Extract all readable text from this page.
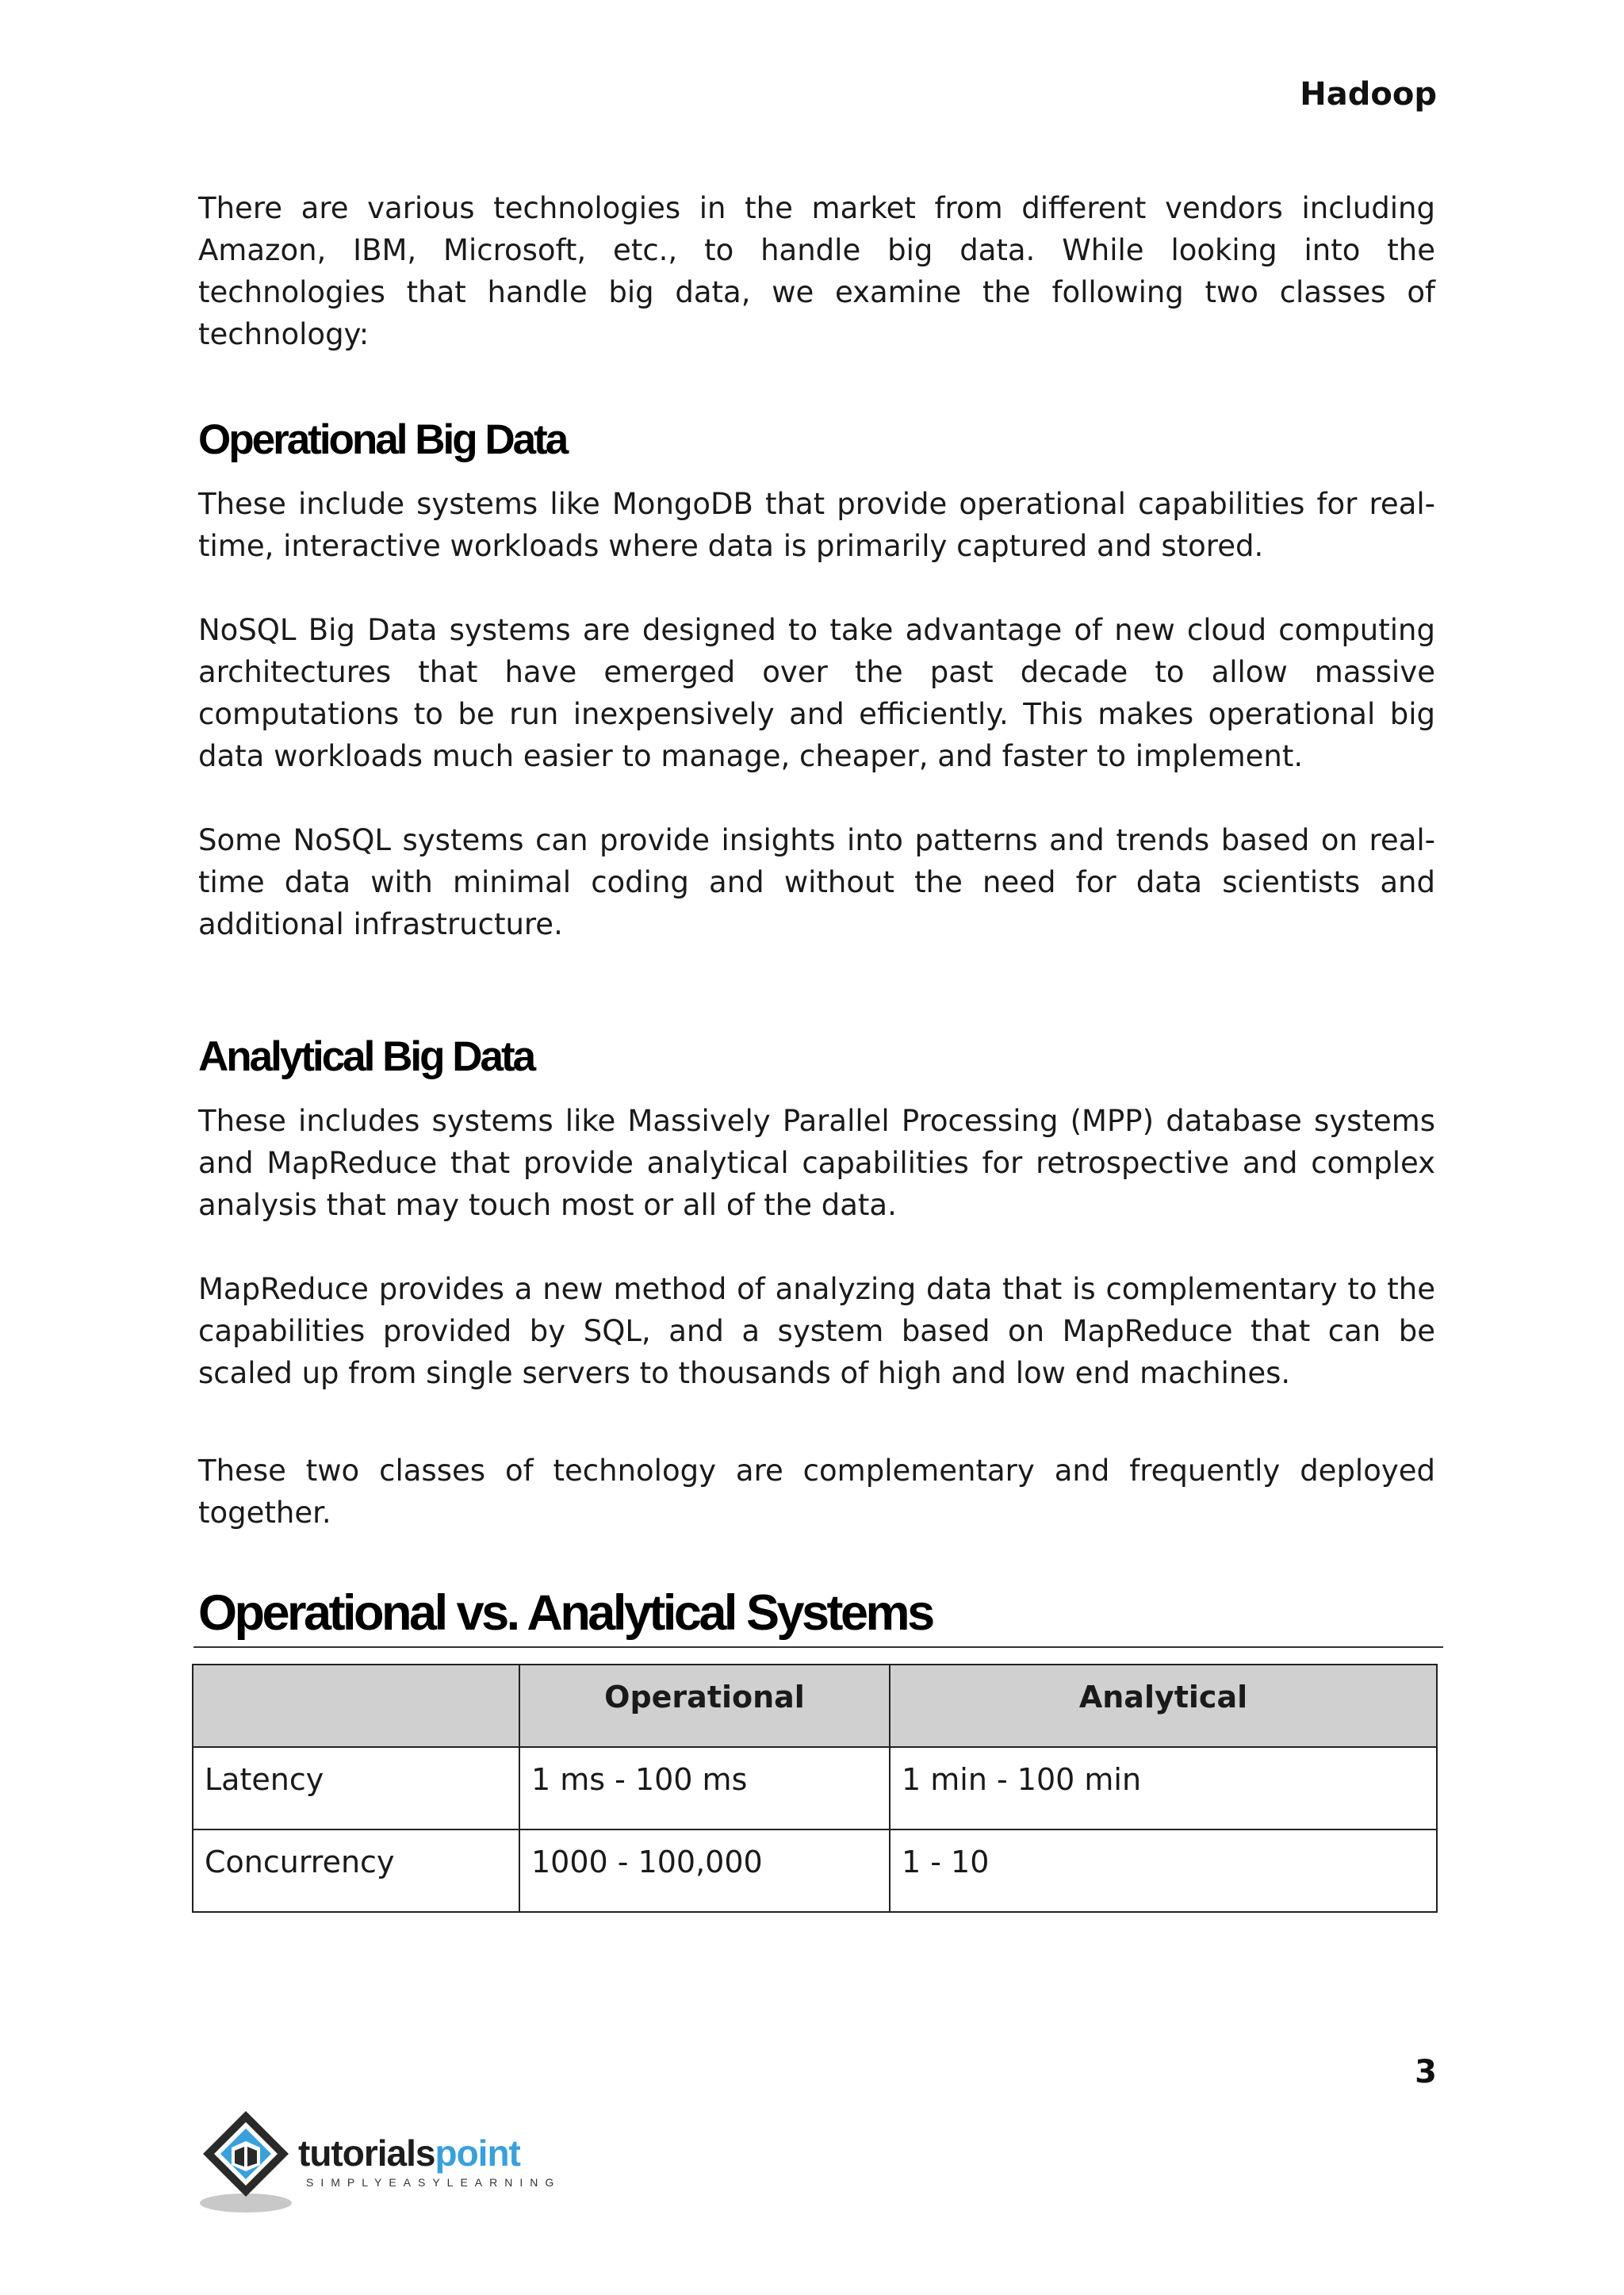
Hadoop

There are various technologies in the market from different vendors including Amazon, IBM, Microsoft, etc., to handle big data. While looking into the technologies that handle big data, we examine the following two classes of technology:

Operational Big Data

These include systems like MongoDB that provide operational capabilities for real-time, interactive workloads where data is primarily captured and stored.

NoSQL Big Data systems are designed to take advantage of new cloud computing architectures that have emerged over the past decade to allow massive computations to be run inexpensively and efficiently. This makes operational big data workloads much easier to manage, cheaper, and faster to implement.

Some NoSQL systems can provide insights into patterns and trends based on real-time data with minimal coding and without the need for data scientists and additional infrastructure.

Analytical Big Data

These includes systems like Massively Parallel Processing (MPP) database systems and MapReduce that provide analytical capabilities for retrospective and complex analysis that may touch most or all of the data.

MapReduce provides a new method of analyzing data that is complementary to the capabilities provided by SQL, and a system based on MapReduce that can be scaled up from single servers to thousands of high and low end machines.

These two classes of technology are complementary and frequently deployed together.

Operational vs. Analytical Systems
	Operational	Analytical
Latency	1 ms - 100 ms	1 min - 100 min
Concurrency	1000 - 100,000	1 - 10
3
tutorialspoint
SIMPLYEASYLEARNING
